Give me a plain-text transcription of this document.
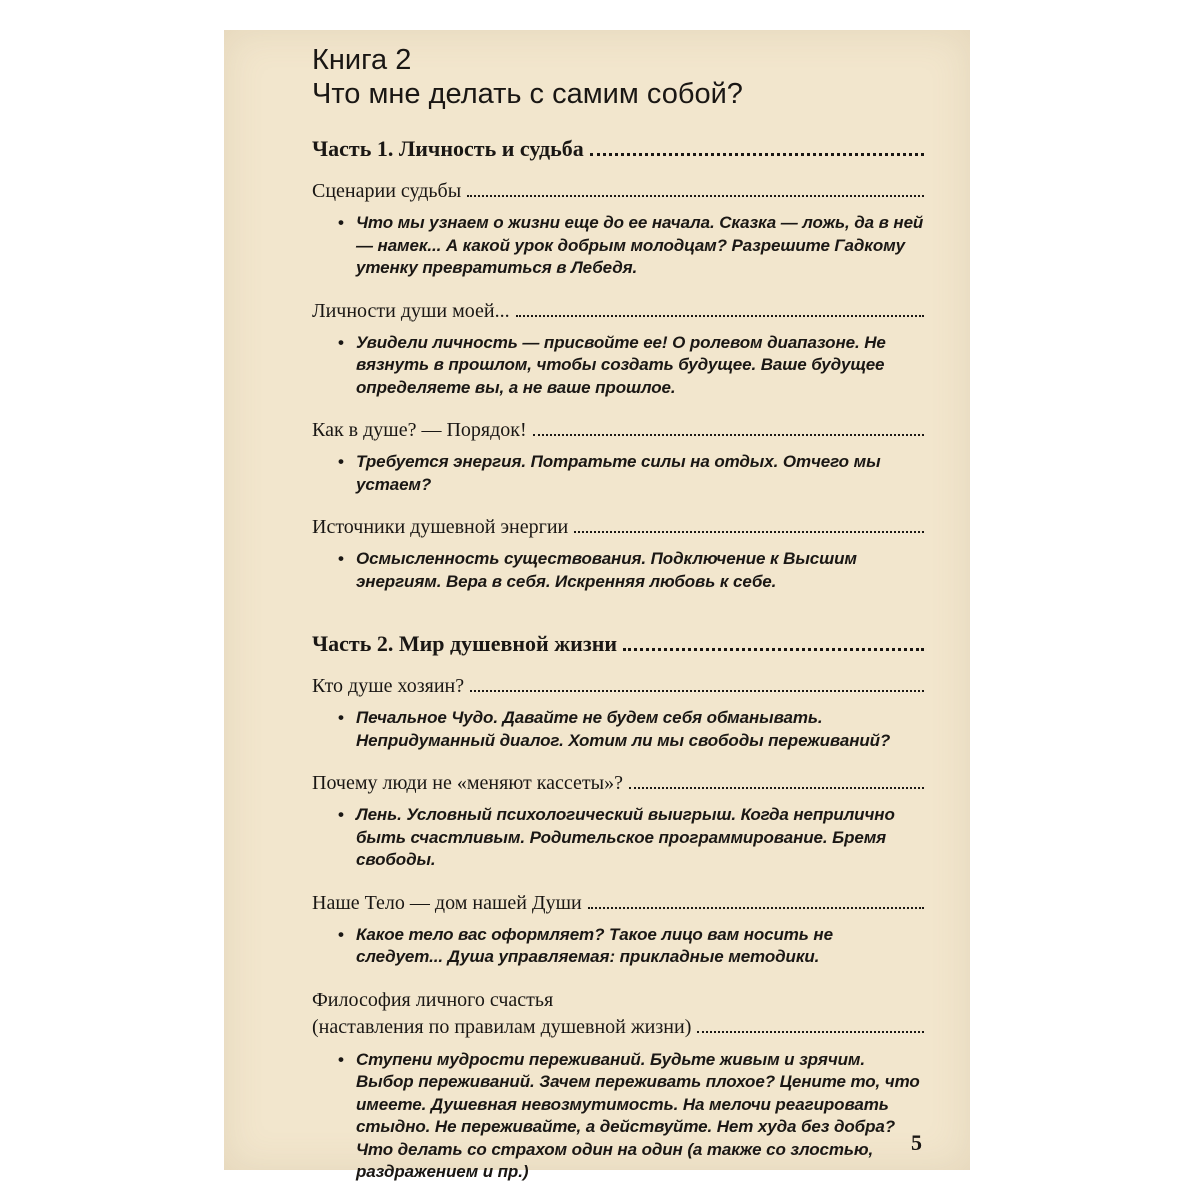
Книга 2
Что мне делать с самим собой?
Часть 1. Личность и судьба
Сценарии судьбы
• Что мы узнаем о жизни еще до ее начала. Сказка — ложь, да в ней — намек... А какой урок добрым молодцам? Разрешите Гадкому утенку превратиться в Лебедя.
Личности души моей...
• Увидели личность — присвойте ее! О ролевом диапазоне. Не вязнуть в прошлом, чтобы создать будущее. Ваше будущее определяете вы, а не ваше прошлое.
Как в душе? — Порядок!
• Требуется энергия. Потратьте силы на отдых. Отчего мы устаем?
Источники душевной энергии
• Осмысленность существования. Подключение к Высшим энергиям. Вера в себя. Искренняя любовь к себе.
Часть 2. Мир душевной жизни
Кто душе хозяин?
• Печальное Чудо. Давайте не будем себя обманывать. Непридуманный диалог. Хотим ли мы свободы переживаний?
Почему люди не «меняют кассеты»?
• Лень. Условный психологический выигрыш. Когда неприлично быть счастливым. Родительское программирование. Бремя свободы.
Наше Тело — дом нашей Души
• Какое тело вас оформляет? Такое лицо вам носить не следует... Душа управляемая: прикладные методики.
Философия личного счастья
(наставления по правилам душевной жизни)
• Ступени мудрости переживаний. Будьте живым и зрячим. Выбор переживаний. Зачем переживать плохое? Цените то, что имеете. Душевная невозмутимость. На мелочи реагировать стыдно. Не переживайте, а действуйте. Нет худа без добра? Что делать со страхом один на один (а также со злостью, раздражением и пр.)
5
